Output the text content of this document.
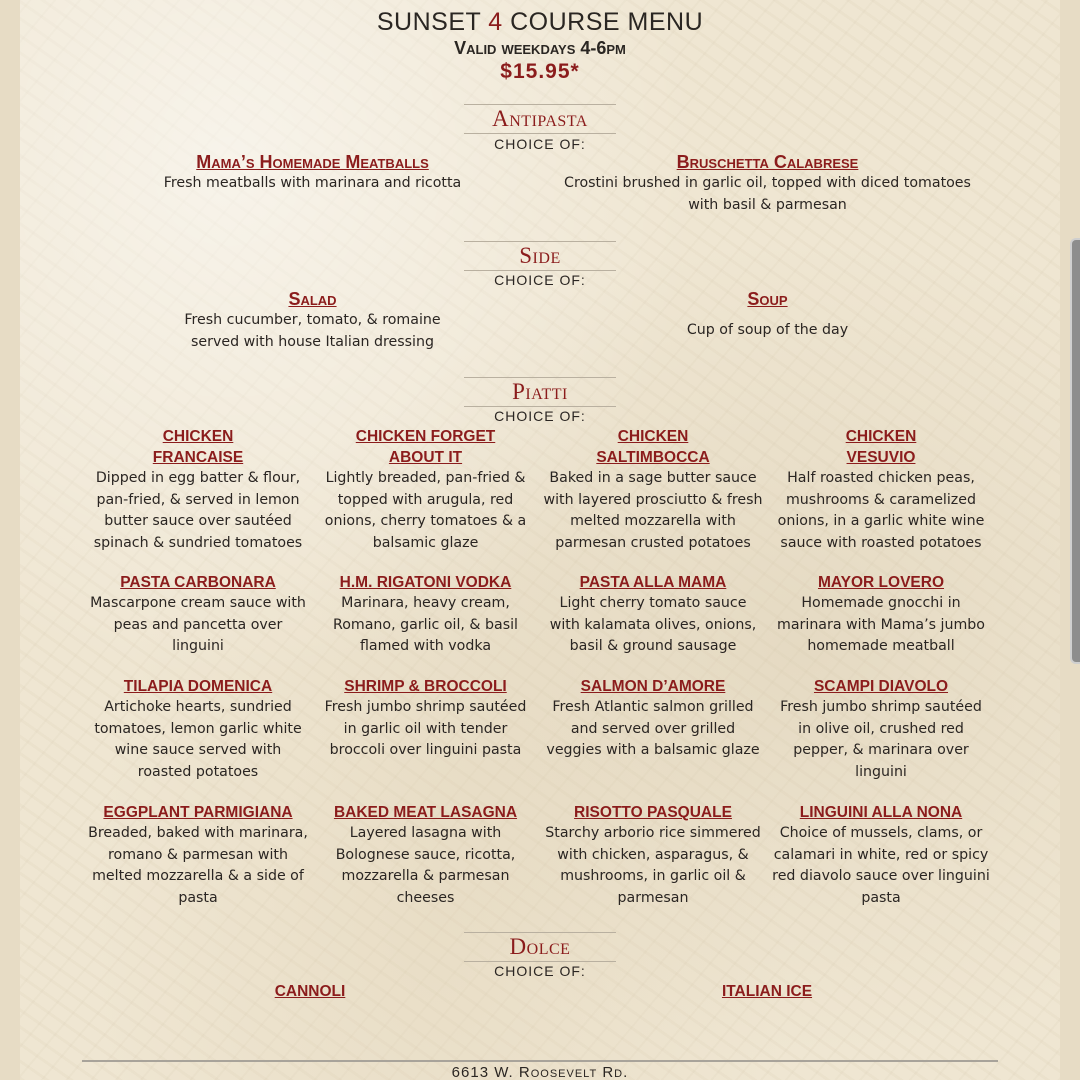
SUNSET 4 COURSE MENU
Valid weekdays 4-6pm
$15.95*
Antipasta
CHOICE OF:
Mama’s Homemade Meatballs
Fresh meatballs with marinara and ricotta
Bruschetta Calabrese
Crostini brushed in garlic oil, topped with diced tomatoes with basil & parmesan
Side
CHOICE OF:
Salad
Fresh cucumber, tomato, & romaine served with house Italian dressing
Soup
Cup of soup of the day
Piatti
CHOICE OF:
CHICKEN FRANCAISE
Dipped in egg batter & flour, pan-fried, & served in lemon butter sauce over sautéed spinach & sundried tomatoes
CHICKEN FORGET ABOUT IT
Lightly breaded, pan-fried & topped with arugula, red onions, cherry tomatoes & a balsamic glaze
CHICKEN SALTIMBOCCA
Baked in a sage butter sauce with layered prosciutto & fresh melted mozzarella with parmesan crusted potatoes
CHICKEN VESUVIO
Half roasted chicken peas, mushrooms & caramelized onions, in a garlic white wine sauce with roasted potatoes
PASTA CARBONARA
Mascarpone cream sauce with peas and pancetta over linguini
H.M. RIGATONI VODKA
Marinara, heavy cream, Romano, garlic oil, & basil flamed with vodka
PASTA ALLA MAMA
Light cherry tomato sauce with kalamata olives, onions, basil & ground sausage
MAYOR LOVERO
Homemade gnocchi in marinara with Mama’s jumbo homemade meatball
TILAPIA DOMENICA
Artichoke hearts, sundried tomatoes, lemon garlic white wine sauce served with roasted potatoes
SHRIMP & BROCCOLI
Fresh jumbo shrimp sautéed in garlic oil with tender broccoli over linguini pasta
SALMON D’AMORE
Fresh Atlantic salmon grilled and served over grilled veggies with a balsamic glaze
SCAMPI DIAVOLO
Fresh jumbo shrimp sautéed in olive oil, crushed red pepper, & marinara over linguini
EGGPLANT PARMIGIANA
Breaded, baked with marinara, romano & parmesan with melted mozzarella & a side of pasta
BAKED MEAT LASAGNA
Layered lasagna with Bolognese sauce, ricotta, mozzarella & parmesan cheeses
RISOTTO PASQUALE
Starchy arborio rice simmered with chicken, asparagus, & mushrooms, in garlic oil & parmesan
LINGUINI ALLA NONA
Choice of mussels, clams, or calamari in white, red or spicy red diavolo sauce over linguini pasta
Dolce
CHOICE OF:
CANNOLI	ITALIAN ICE
6613 W. Roosevelt Rd.
